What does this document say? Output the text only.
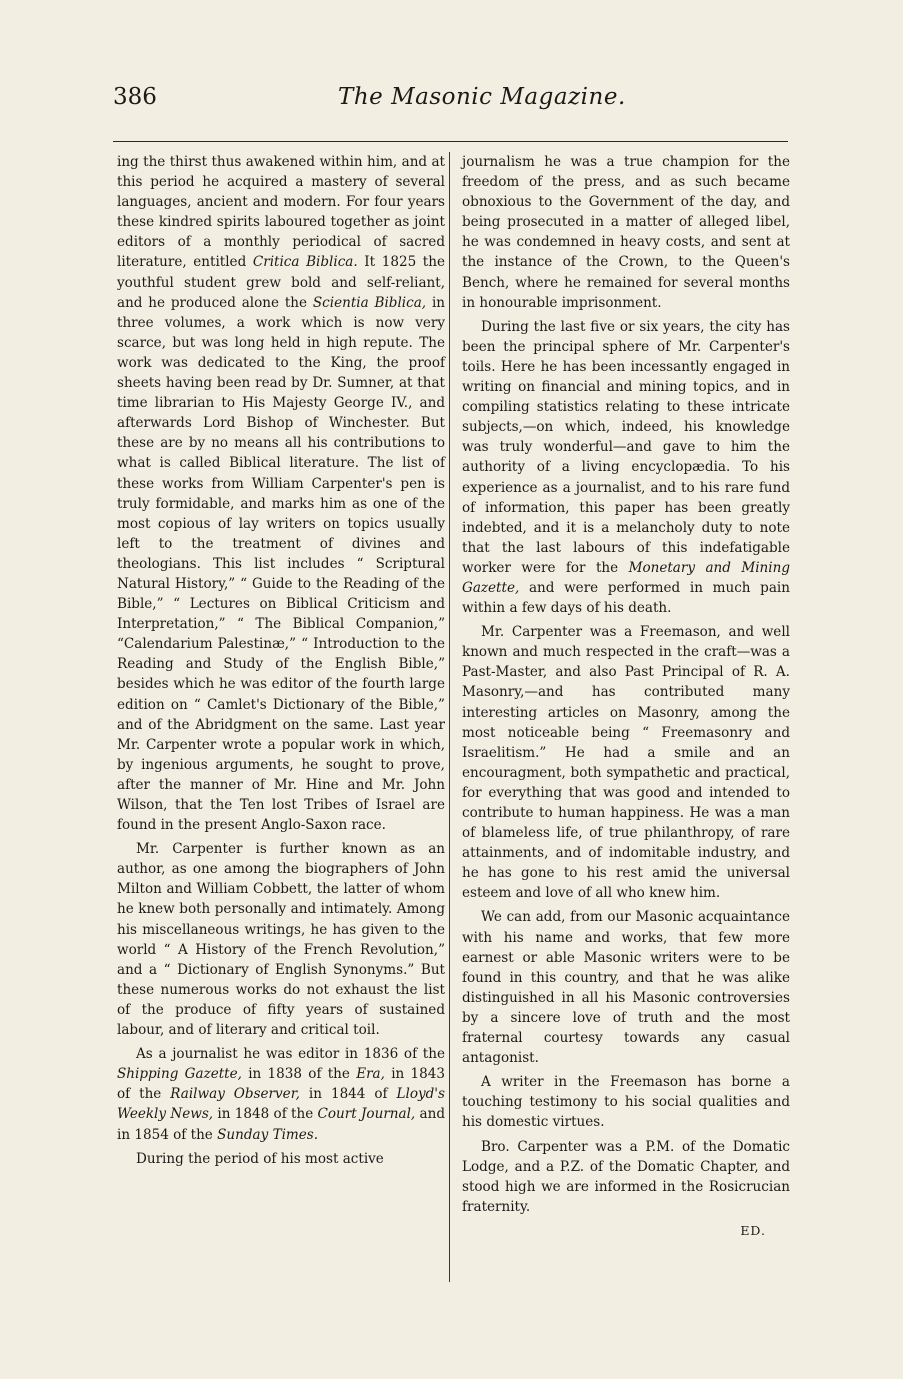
386	The Masonic Magazine.

ing the thirst thus awakened within him, and at this period he acquired a mastery of several languages, ancient and modern. For four years these kindred spirits laboured together as joint editors of a monthly periodical of sacred literature, entitled Critica Biblica. It 1825 the youthful student grew bold and self-reliant, and he produced alone the Scientia Biblica, in three volumes, a work which is now very scarce, but was long held in high repute. The work was dedicated to the King, the proof sheets having been read by Dr. Sumner, at that time librarian to His Majesty George IV., and afterwards Lord Bishop of Winchester. But these are by no means all his contributions to what is called Biblical literature. The list of these works from William Carpenter's pen is truly formidable, and marks him as one of the most copious of lay writers on topics usually left to the treatment of divines and theologians. This list includes “ Scriptural Natural History,” “ Guide to the Reading of the Bible,” “ Lectures on Biblical Criticism and Interpretation,” “ The Biblical Companion,” “Calendarium Palestinæ,” “ Introduction to the Reading and Study of the English Bible,” besides which he was editor of the fourth large edition on “ Camlet's Dictionary of the Bible,” and of the Abridgment on the same. Last year Mr. Carpenter wrote a popular work in which, by ingenious arguments, he sought to prove, after the manner of Mr. Hine and Mr. John Wilson, that the Ten lost Tribes of Israel are found in the present Anglo-Saxon race.

Mr. Carpenter is further known as an author, as one among the biographers of John Milton and William Cobbett, the latter of whom he knew both personally and intimately. Among his miscellaneous writings, he has given to the world “ A History of the French Revolution,” and a “ Dictionary of English Synonyms.” But these numerous works do not exhaust the list of the produce of fifty years of sustained labour, and of literary and critical toil.

As a journalist he was editor in 1836 of the Shipping Gazette, in 1838 of the Era, in 1843 of the Railway Observer, in 1844 of Lloyd's Weekly News, in 1848 of the Court Journal, and in 1854 of the Sunday Times.

During the period of his most active

journalism he was a true champion for the freedom of the press, and as such became obnoxious to the Government of the day, and being prosecuted in a matter of alleged libel, he was condemned in heavy costs, and sent at the instance of the Crown, to the Queen's Bench, where he remained for several months in honourable imprisonment.

During the last five or six years, the city has been the principal sphere of Mr. Carpenter's toils. Here he has been incessantly engaged in writing on financial and mining topics, and in compiling statistics relating to these intricate subjects,—on which, indeed, his knowledge was truly wonderful—and gave to him the authority of a living encyclopædia. To his experience as a journalist, and to his rare fund of information, this paper has been greatly indebted, and it is a melancholy duty to note that the last labours of this indefatigable worker were for the Monetary and Mining Gazette, and were performed in much pain within a few days of his death.

Mr. Carpenter was a Freemason, and well known and much respected in the craft—was a Past-Master, and also Past Principal of R. A. Masonry,—and has contributed many interesting articles on Masonry, among the most noticeable being “ Freemasonry and Israelitism.” He had a smile and an encouragment, both sympathetic and practical, for everything that was good and intended to contribute to human happiness. He was a man of blameless life, of true philanthropy, of rare attainments, and of indomitable industry, and he has gone to his rest amid the universal esteem and love of all who knew him.

We can add, from our Masonic acquaintance with his name and works, that few more earnest or able Masonic writers were to be found in this country, and that he was alike distinguished in all his Masonic controversies by a sincere love of truth and the most fraternal courtesy towards any casual antagonist.

A writer in the Freemason has borne a touching testimony to his social qualities and his domestic virtues.

Bro. Carpenter was a P.M. of the Domatic Lodge, and a P.Z. of the Domatic Chapter, and stood high we are informed in the Rosicrucian fraternity.

ED.
